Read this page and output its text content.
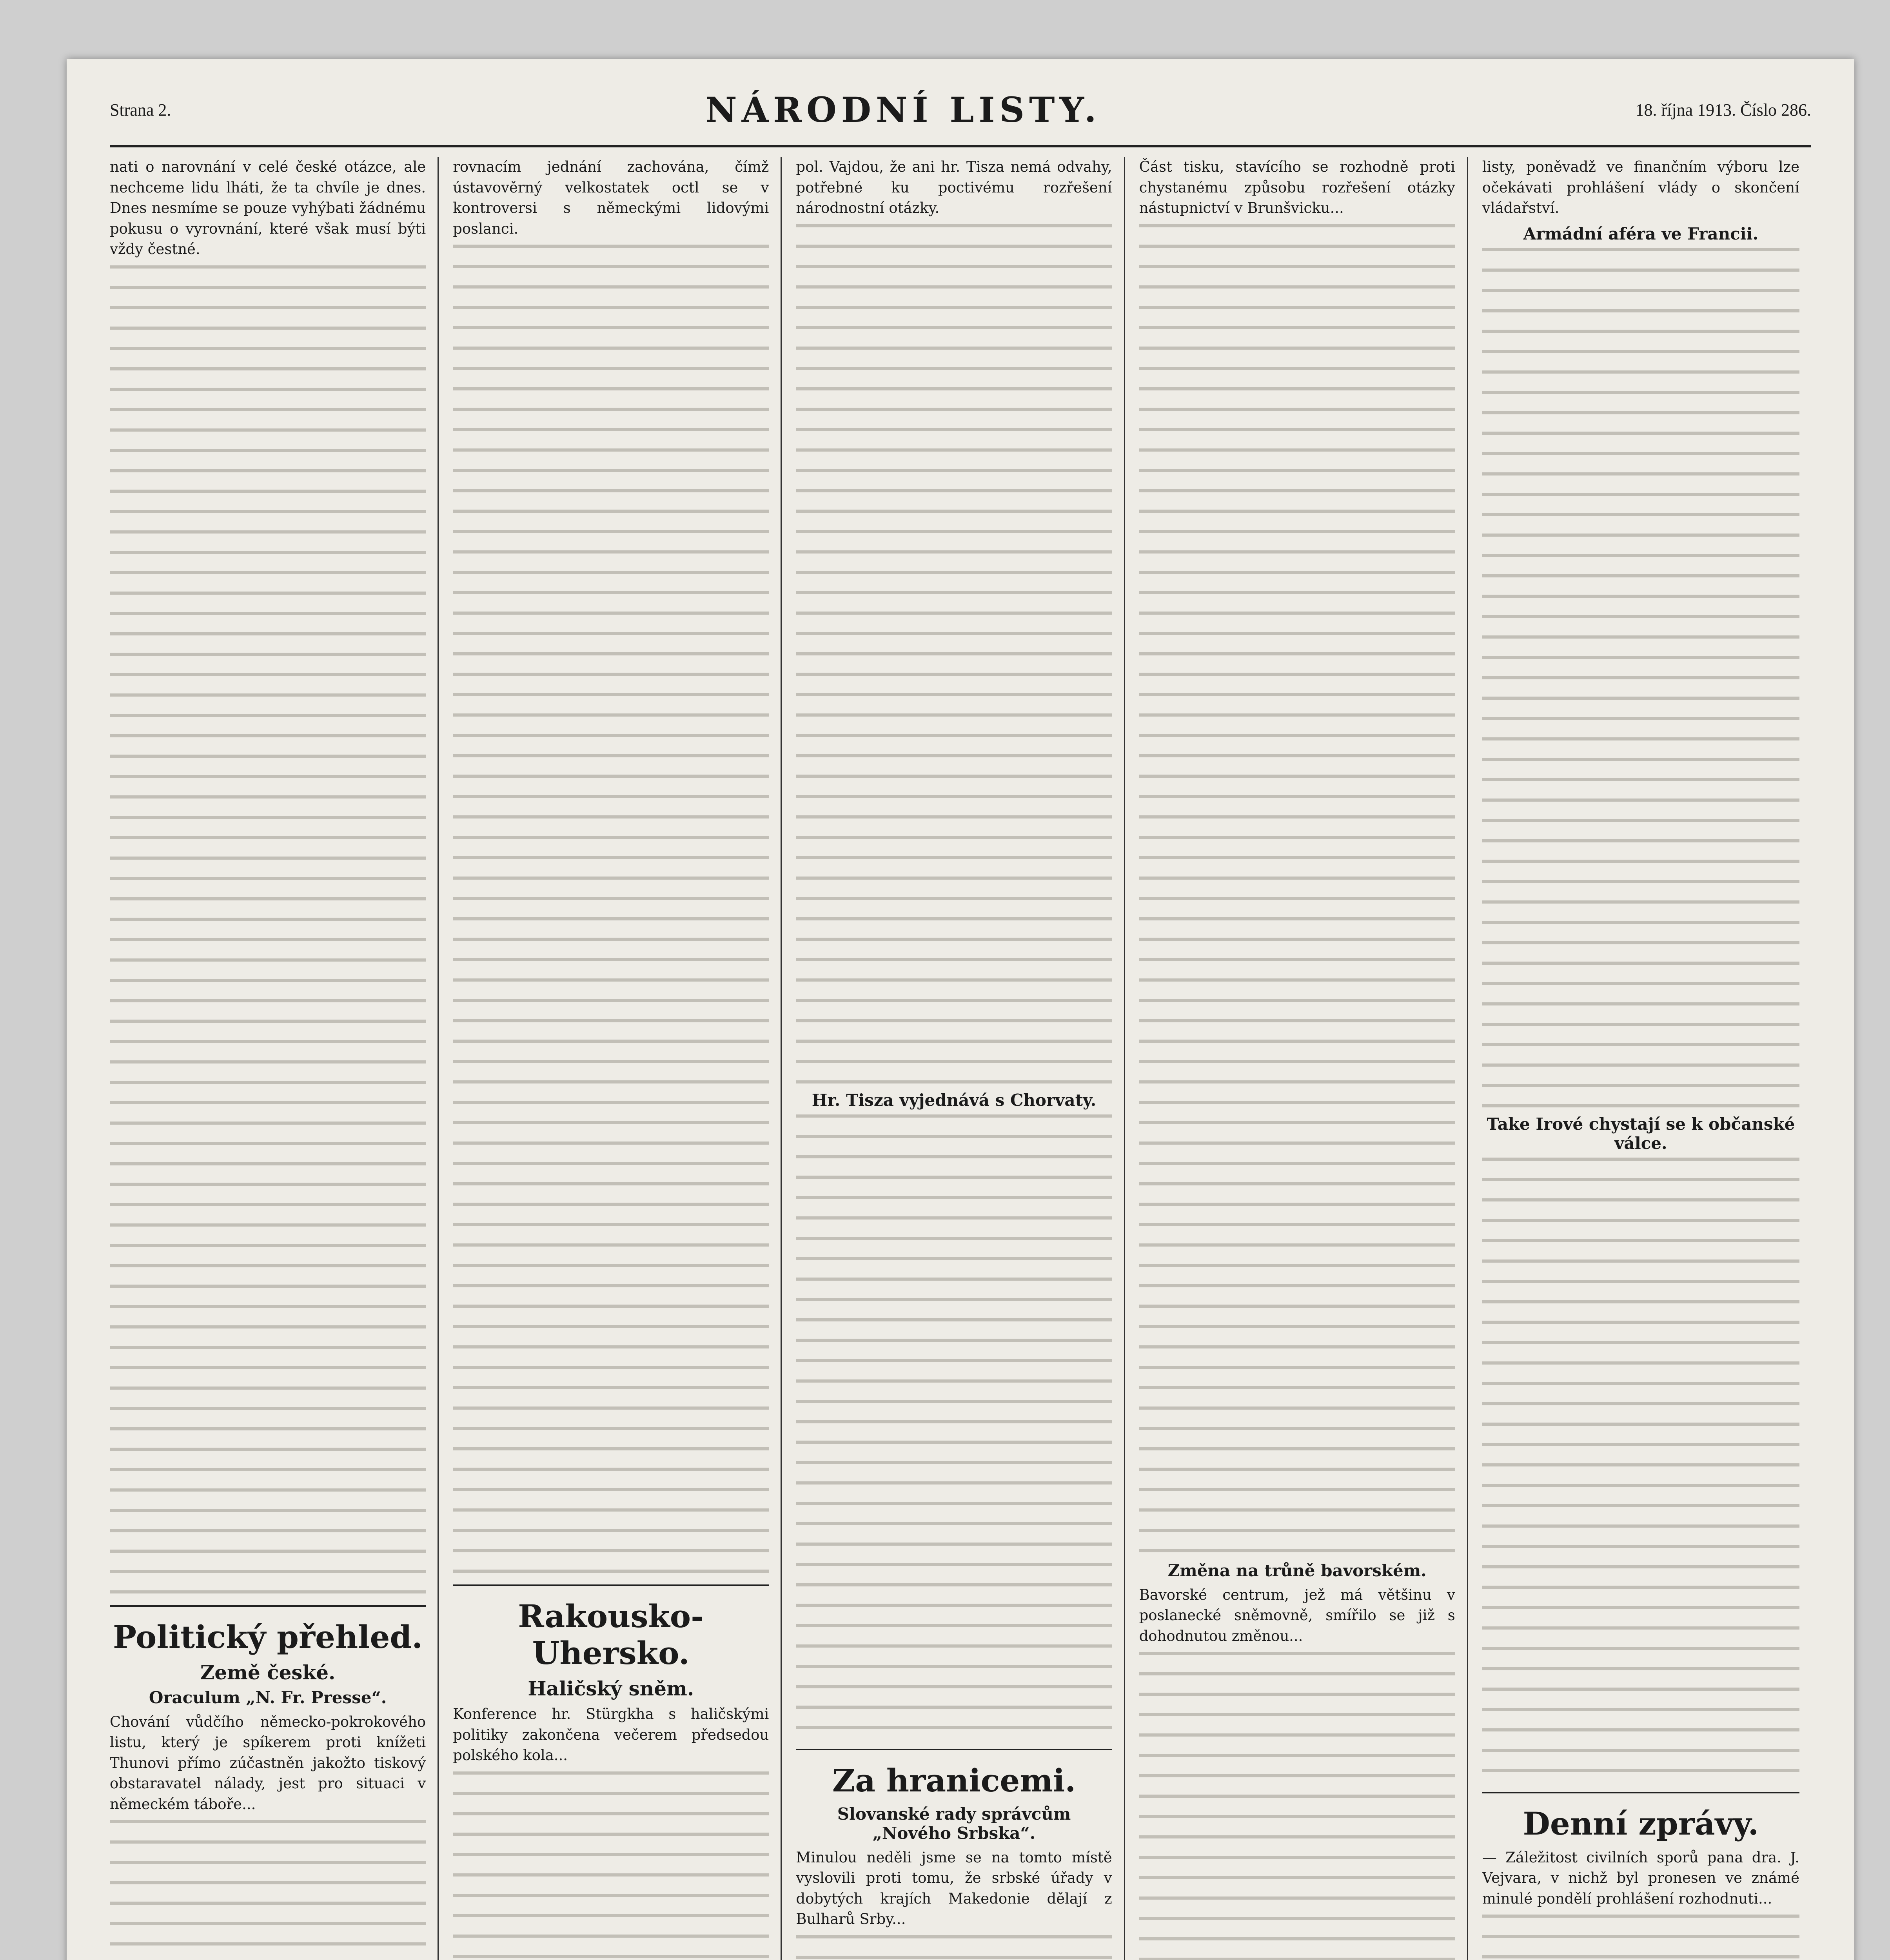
Strana 2.	NÁRODNÍ LISTY.	18. října 1913. Číslo 286.

nati o narovnání v celé české otázce, ale nechceme lidu lháti, že ta chvíle je dnes. Dnes nesmíme se pouze vyhýbati žádnému pokusu o vyrovnání, které však musí býti vždy čestné.

Politický přehled.
Země české.
Oraculum „N. Fr. Presse“.

Chování vůdčího německo-pokrokového listu, který je spíkerem proti knížeti Thunovi přímo zúčastněn jakožto tiskový obstaravatel nálady, jest pro situaci v německém táboře...

rovnacím jednání zachována, čímž ústavověrný velkostatek octl se v kontroversi s německými lidovými poslanci.

Rakousko-Uhersko.
Haličský sněm.

Konference hr. Stürgkha s haličskými politiky zakončena večerem předsedou polského kola...

pol. Vajdou, že ani hr. Tisza nemá odvahy, potřebné ku poctivému rozřešení národnostní otázky.

Hr. Tisza vyjednává s Chorvaty.
Za hranicemi.
Slovanské rady správcům „Nového Srbska“.

Minulou neděli jsme se na tomto místě vyslovili proti tomu, že srbské úřady v dobytých krajích Makedonie dělají z Bulharů Srby...

Část tisku, stavícího se rozhodně proti chystanému způsobu rozřešení otázky nástupnictví v Brunšvicku...

Změna na trůně bavorském.

Bavorské centrum, jež má většinu v poslanecké sněmovně, smířilo se již s dohodnutou změnou...

listy, poněvadž ve finančním výboru lze očekávati prohlášení vlády o skončení vládařství.

Armádní aféra ve Francii.
Take Irové chystají se k občanské válce.
Denní zprávy.

— Záležitost civilních sporů pana dra. J. Vejvara, v nichž byl pronesen ve známé minulé pondělí prohlášení rozhodnuti...
